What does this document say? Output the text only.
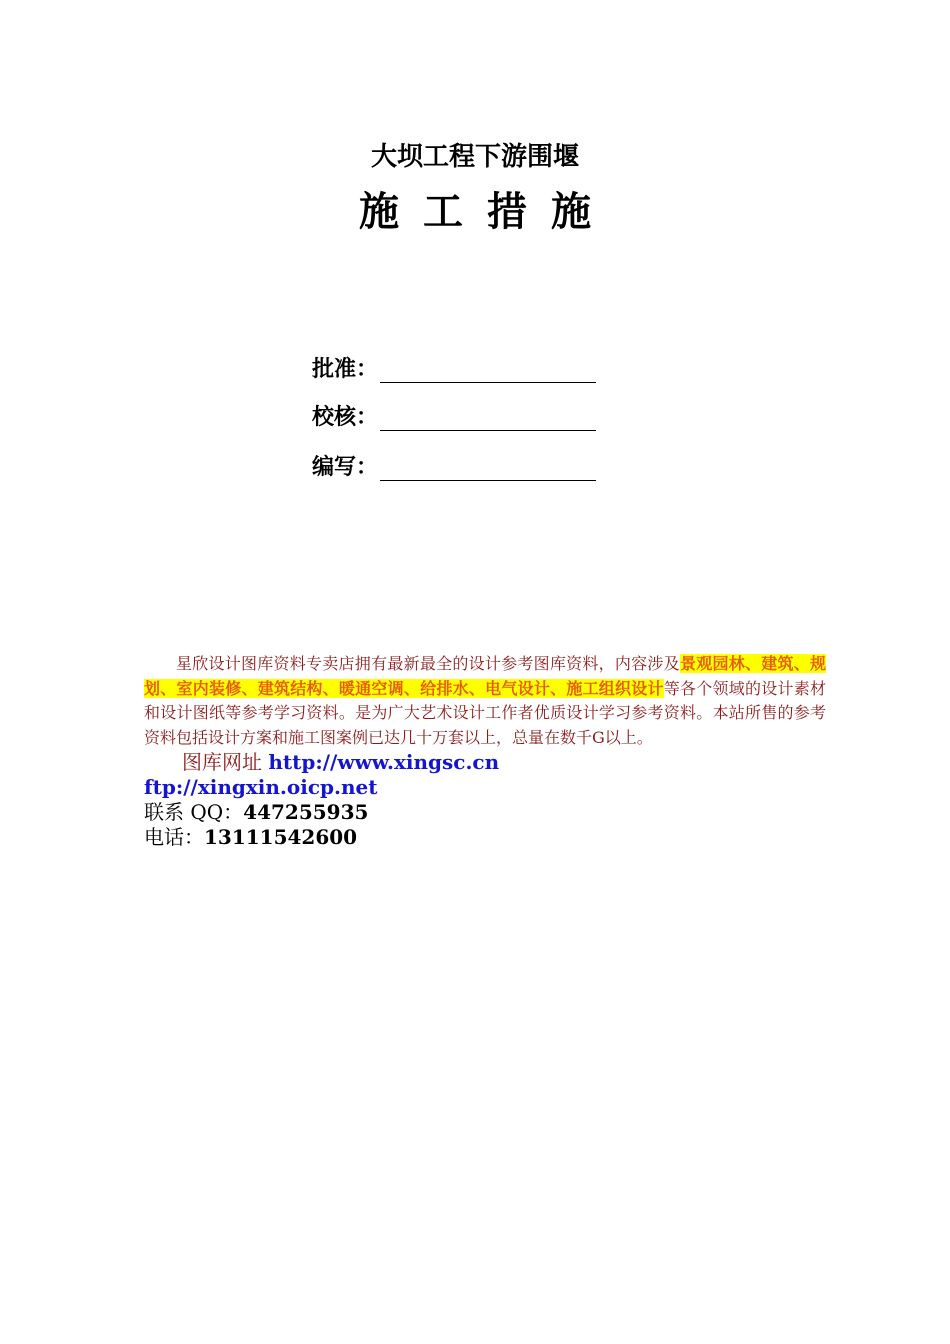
大坝工程下游围堰
施 工 措 施
批准：
校核：
编写：
星欣设计图库资料专卖店拥有最新最全的设计参考图库资料，内容涉及景观园林、建筑、规划、室内装修、建筑结构、暖通空调、给排水、电气设计、施工组织设计等各个领域的设计素材和设计图纸等参考学习资料。是为广大艺术设计工作者优质设计学习参考资料。本站所售的参考资料包括设计方案和施工图案例已达几十万套以上，总量在数千G以上。
图库网址 http://www.xingsc.cn
ftp://xingxin.oicp.net
联系 QQ：447255935
电话：13111542600
